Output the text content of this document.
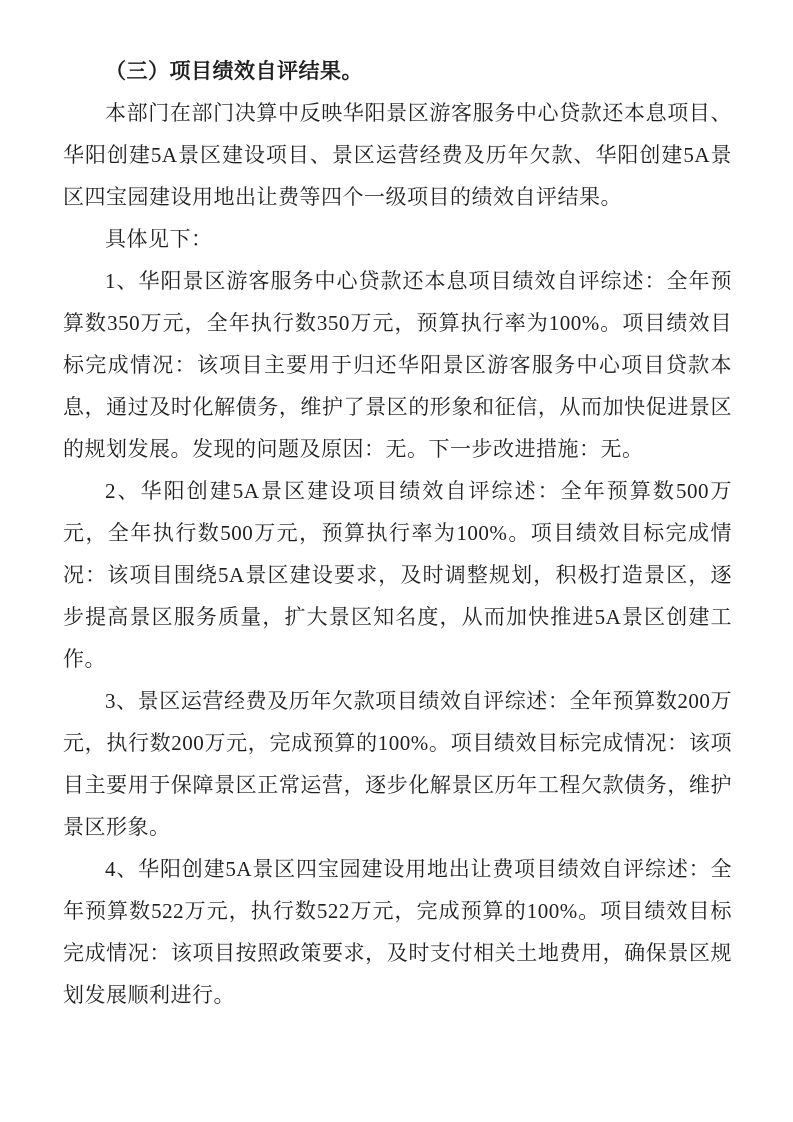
（三）项目绩效自评结果。

本部门在部门决算中反映华阳景区游客服务中心贷款还本息项目、华阳创建5A景区建设项目、景区运营经费及历年欠款、华阳创建5A景区四宝园建设用地出让费等四个一级项目的绩效自评结果。

具体见下：

1、华阳景区游客服务中心贷款还本息项目绩效自评综述：全年预算数350万元，全年执行数350万元，预算执行率为100%。项目绩效目标完成情况：该项目主要用于归还华阳景区游客服务中心项目贷款本息，通过及时化解债务，维护了景区的形象和征信，从而加快促进景区的规划发展。发现的问题及原因：无。下一步改进措施：无。

2、华阳创建5A景区建设项目绩效自评综述：全年预算数500万元，全年执行数500万元，预算执行率为100%。项目绩效目标完成情况：该项目围绕5A景区建设要求，及时调整规划，积极打造景区，逐步提高景区服务质量，扩大景区知名度，从而加快推进5A景区创建工作。

3、景区运营经费及历年欠款项目绩效自评综述：全年预算数200万元，执行数200万元，完成预算的100%。项目绩效目标完成情况：该项目主要用于保障景区正常运营，逐步化解景区历年工程欠款债务，维护景区形象。

4、华阳创建5A景区四宝园建设用地出让费项目绩效自评综述：全年预算数522万元，执行数522万元，完成预算的100%。项目绩效目标完成情况：该项目按照政策要求，及时支付相关土地费用，确保景区规划发展顺利进行。
